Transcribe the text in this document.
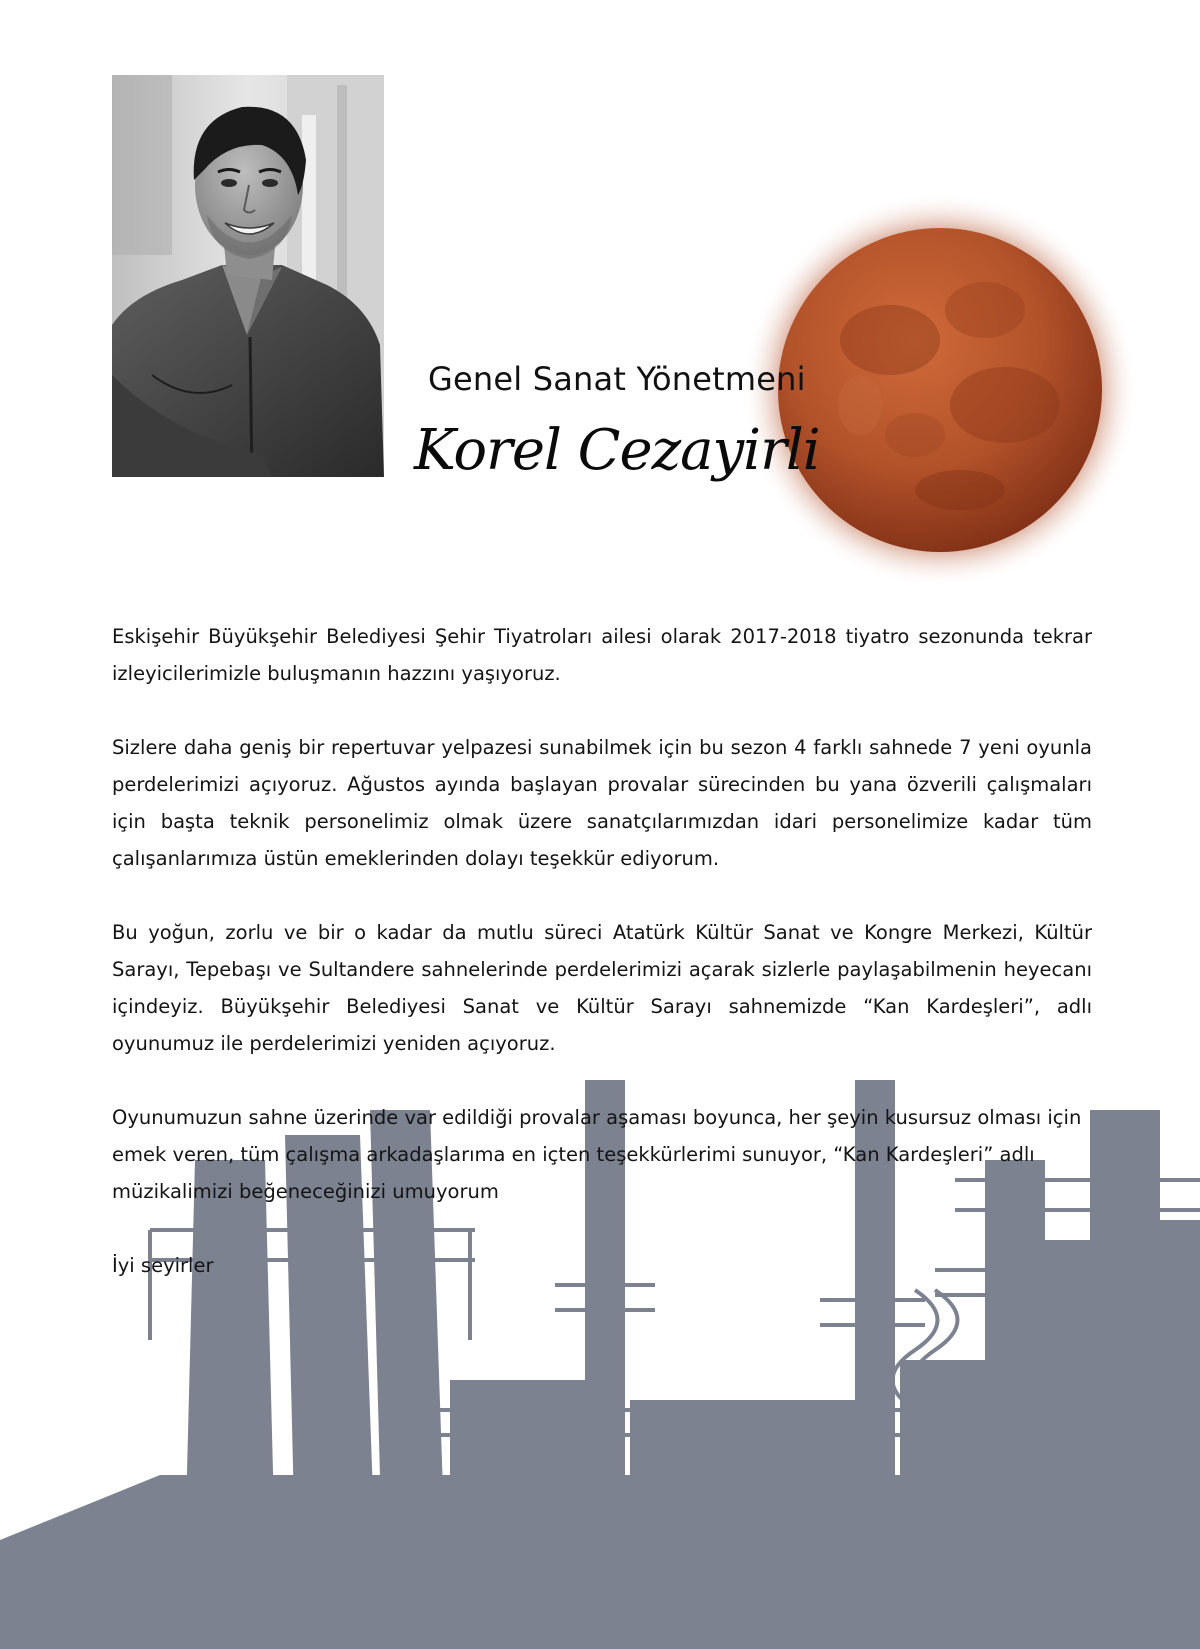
Genel Sanat Yönetmeni
Korel Cezayirli

Eskişehir Büyükşehir Belediyesi Şehir Tiyatroları ailesi olarak 2017-2018 tiyatro sezonunda tekrar izleyicilerimizle buluşmanın hazzını yaşıyoruz.

Sizlere daha geniş bir repertuvar yelpazesi sunabilmek için bu sezon 4 farklı sahnede 7 yeni oyunla perdelerimizi açıyoruz. Ağustos ayında başlayan provalar sürecinden bu yana özverili çalışmaları için başta teknik personelimiz olmak üzere sanatçılarımızdan idari personelimize kadar tüm çalışanlarımıza üstün emeklerinden dolayı teşekkür ediyorum.

Bu yoğun, zorlu ve bir o kadar da mutlu süreci Atatürk Kültür Sanat ve Kongre Merkezi, Kültür Sarayı, Tepebaşı ve Sultandere sahnelerinde perdelerimizi açarak sizlerle paylaşabilmenin heyecanı içindeyiz. Büyükşehir Belediyesi Sanat ve Kültür Sarayı sahnemizde “Kan Kardeşleri”, adlı oyunumuz ile perdelerimizi yeniden açıyoruz.

Oyunumuzun sahne üzerinde var edildiği provalar aşaması boyunca, her şeyin kusursuz olması için emek veren, tüm çalışma arkadaşlarıma en içten teşekkürlerimi sunuyor, “Kan Kardeşleri” adlı müzikalimizi beğeneceğinizi umuyorum

İyi seyirler
